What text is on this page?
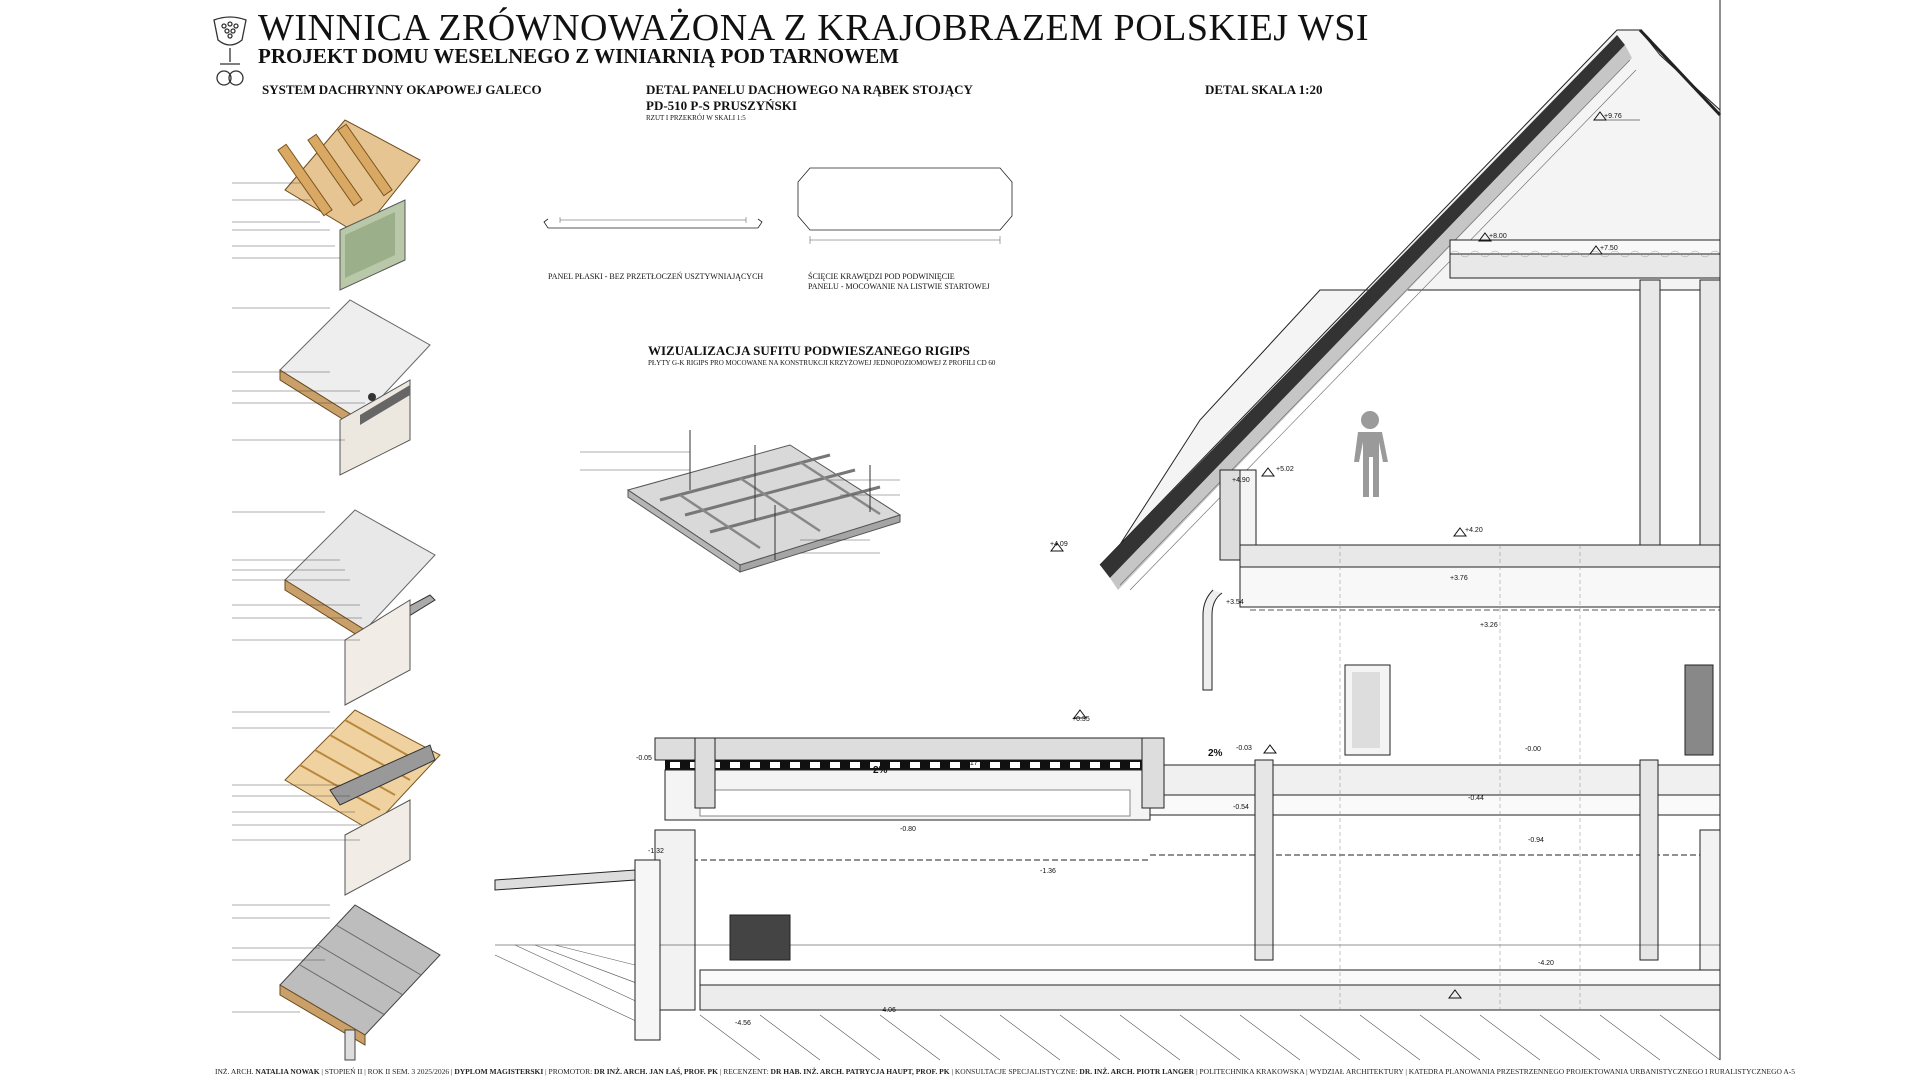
WINNICA ZRÓWNOWAŻONA Z KRAJOBRAZEM POLSKIEJ WSI
PROJEKT DOMU WESELNEGO Z WINIARNIĄ POD TARNOWEM
SYSTEM DACHRYNNY OKAPOWEJ GALECO	DETAL PANELU DACHOWEGO NA RĄBEK STOJĄCY
PD-510 P-S PRUSZYŃSKI
RZUT I PRZEKRÓJ W SKALI 1:5
DETAL SKALA 1:20
PANEL PŁASKI - BEZ PRZETŁOCZEŃ USZTYWNIAJĄCYCH	ŚCIĘCIE KRAWĘDZI POD PODWINIĘCIE
PANELU - MOCOWANIE NA LISTWIE STARTOWEJ
WIZUALIZACJA SUFITU PODWIESZANEGO RIGIPS
PŁYTY G-K RIGIPS PRO MOCOWANE NA KONSTRUKCJI KRZYŻOWEJ JEDNOPOZIOMOWEJ Z PROFILI CD 60
+9.76
+8.00
+7.50
+5.02
+4.90
+4.20
+4.09
+3.76
+3.54
+3.26
+0.35
+0.17
-0.05
-0.00
-0.03
-0.44
-0.54
-0.80
-0.94
-1.32
-1.36
-4.20
-4.06
-4.56
2%
2%
INŻ. ARCH. NATALIA NOWAK | STOPIEŃ II | ROK II SEM. 3 2025/2026 | DYPLOM MAGISTERSKI | PROMOTOR: DR INŻ. ARCH. JAN ŁAŚ, PROF. PK | RECENZENT: DR HAB. INŻ. ARCH. PATRYCJA HAUPT, PROF. PK | KONSULTACJE SPECJALISTYCZNE: DR. INŻ. ARCH. PIOTR LANGER | POLITECHNIKA KRAKOWSKA | WYDZIAŁ ARCHITEKTURY | KATEDRA PLANOWANIA PRZESTRZENNEGO PROJEKTOWANIA URBANISTYCZNEGO I RURALISTYCZNEGO A-5
